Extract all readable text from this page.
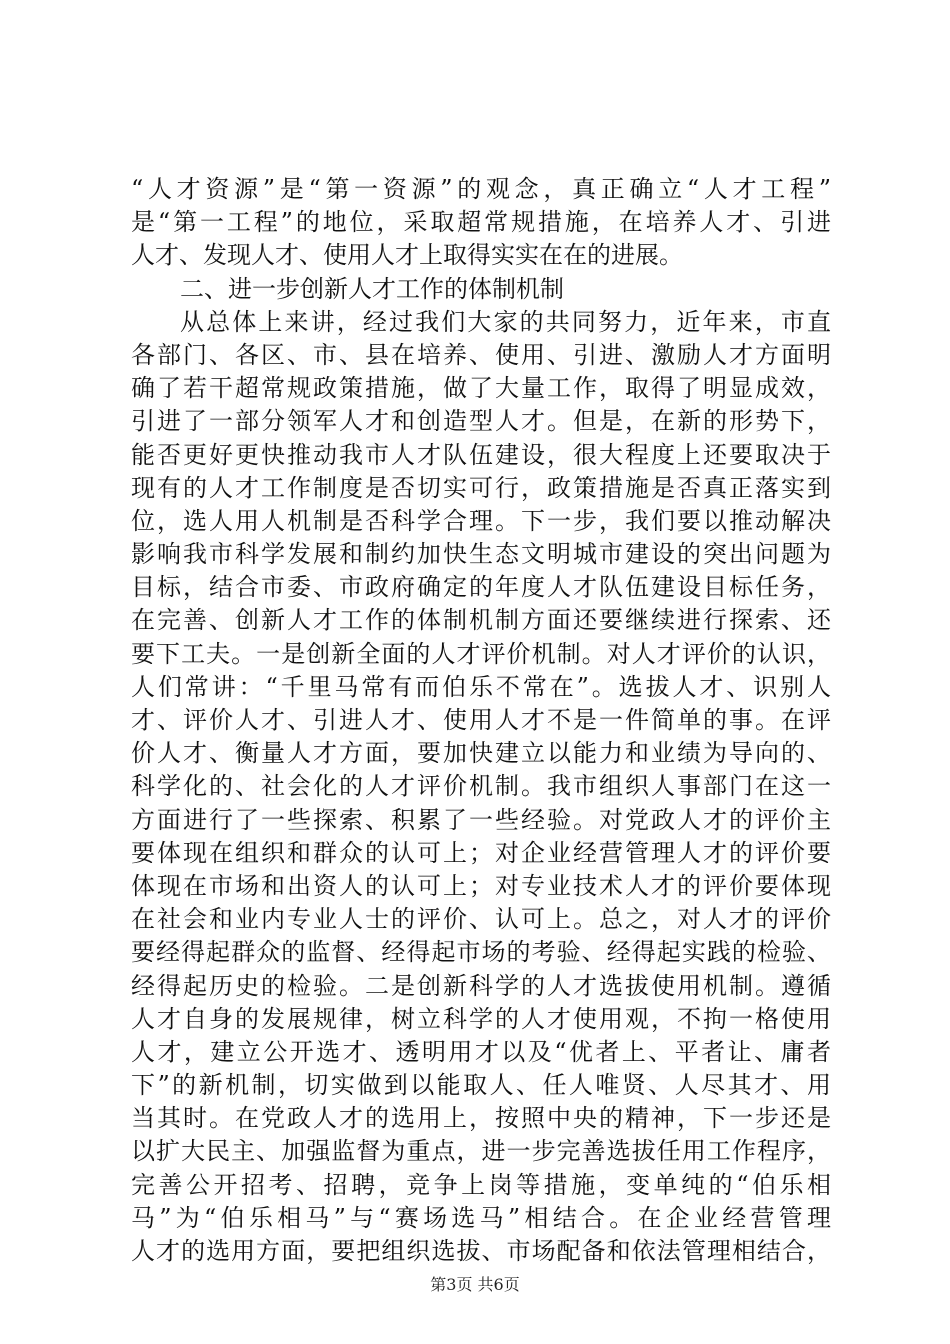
“人才资源”是“第一资源”的观念，真正确立“人才工程”
是“第一工程”的地位，采取超常规措施，在培养人才、引进
人才、发现人才、使用人才上取得实实在在的进展。
二、进一步创新人才工作的体制机制
从总体上来讲，经过我们大家的共同努力，近年来，市直
各部门、各区、市、县在培养、使用、引进、激励人才方面明
确了若干超常规政策措施，做了大量工作，取得了明显成效，
引进了一部分领军人才和创造型人才。但是，在新的形势下，
能否更好更快推动我市人才队伍建设，很大程度上还要取决于
现有的人才工作制度是否切实可行，政策措施是否真正落实到
位，选人用人机制是否科学合理。下一步，我们要以推动解决
影响我市科学发展和制约加快生态文明城市建设的突出问题为
目标，结合市委、市政府确定的年度人才队伍建设目标任务，
在完善、创新人才工作的体制机制方面还要继续进行探索、还
要下工夫。一是创新全面的人才评价机制。对人才评价的认识，
人们常讲：“千里马常有而伯乐不常在”。选拔人才、识别人
才、评价人才、引进人才、使用人才不是一件简单的事。在评
价人才、衡量人才方面，要加快建立以能力和业绩为导向的、
科学化的、社会化的人才评价机制。我市组织人事部门在这一
方面进行了一些探索、积累了一些经验。对党政人才的评价主
要体现在组织和群众的认可上；对企业经营管理人才的评价要
体现在市场和出资人的认可上；对专业技术人才的评价要体现
在社会和业内专业人士的评价、认可上。总之，对人才的评价
要经得起群众的监督、经得起市场的考验、经得起实践的检验、
经得起历史的检验。二是创新科学的人才选拔使用机制。遵循
人才自身的发展规律，树立科学的人才使用观，不拘一格使用
人才，建立公开选才、透明用才以及“优者上、平者让、庸者
下”的新机制，切实做到以能取人、任人唯贤、人尽其才、用
当其时。在党政人才的选用上，按照中央的精神，下一步还是
以扩大民主、加强监督为重点，进一步完善选拔任用工作程序，
完善公开招考、招聘，竞争上岗等措施，变单纯的“伯乐相
马”为“伯乐相马”与“赛场选马”相结合。在企业经营管理
人才的选用方面，要把组织选拔、市场配备和依法管理相结合，
第3页 共6页
